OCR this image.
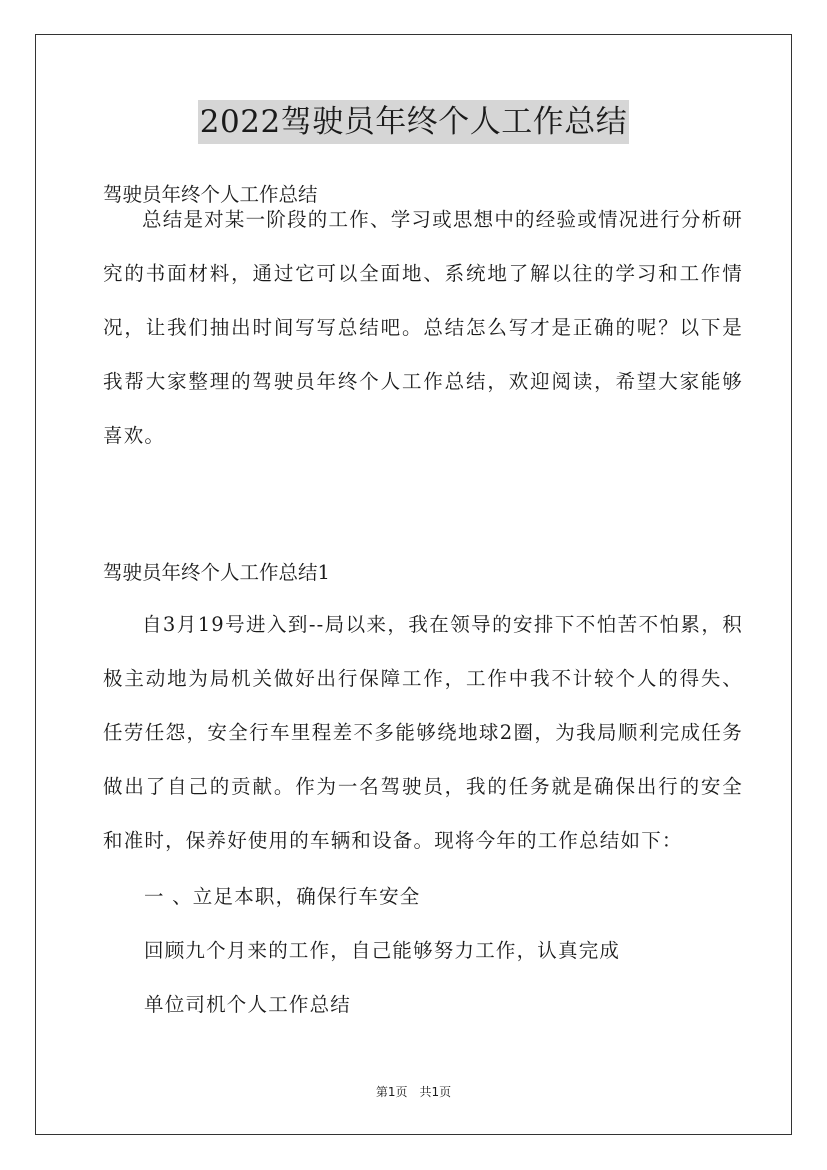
2022驾驶员年终个人工作总结

驾驶员年终个人工作总结

总结是对某一阶段的工作、学习或思想中的经验或情况进行分析研究的书面材料，通过它可以全面地、系统地了解以往的学习和工作情况，让我们抽出时间写写总结吧。总结怎么写才是正确的呢？以下是我帮大家整理的驾驶员年终个人工作总结，欢迎阅读，希望大家能够喜欢。

驾驶员年终个人工作总结1

自3月19号进入到--局以来，我在领导的安排下不怕苦不怕累，积极主动地为局机关做好出行保障工作，工作中我不计较个人的得失、任劳任怨，安全行车里程差不多能够绕地球2圈，为我局顺利完成任务做出了自己的贡献。作为一名驾驶员，我的任务就是确保出行的安全和准时，保养好使用的车辆和设备。现将今年的工作总结如下：

一 、立足本职，确保行车安全

回顾九个月来的工作，自己能够努力工作，认真完成

单位司机个人工作总结

第1页　共1页
